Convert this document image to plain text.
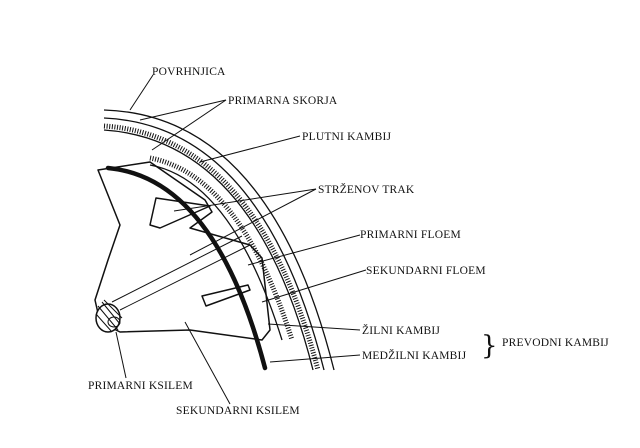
POVRHNJICA
PRIMARNA SKORJA
PLUTNI KAMBIJ
STRŽENOV TRAK
PRIMARNI FLOEM
SEKUNDARNI FLOEM
ŽILNI KAMBIJ
MEDŽILNI KAMBIJ } PREVODNI KAMBIJ
PRIMARNI KSILEM
SEKUNDARNI KSILEM
